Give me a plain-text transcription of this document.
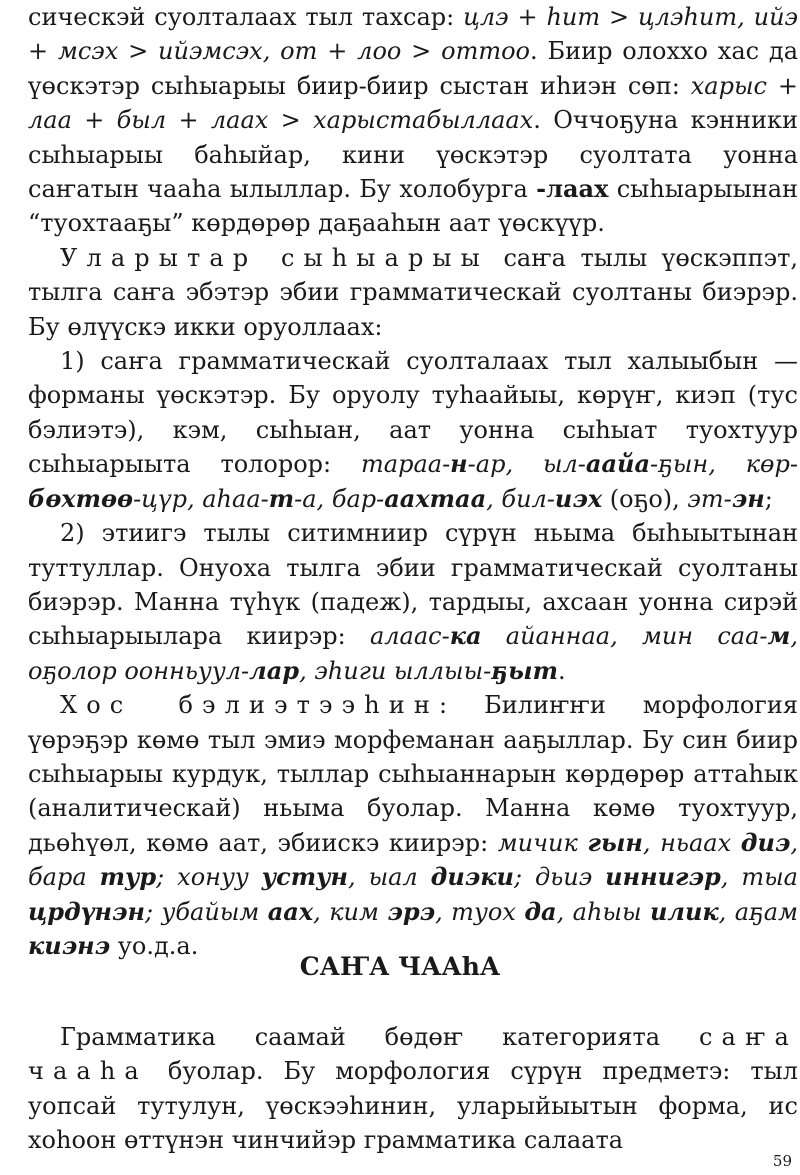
сическэй суолталаах тыл тахсар: цлэ + hит > цлэhит, ийэ + мсэх > ийэмсэх, от + лоо > оттоо. Биир олоххо хас да үөскэтэр сыhыарыы биир-биир сыстан иhиэн сөп: харыс + лаа + был + лаах > харыстабыллаах. Оччоҕуна кэнники сыhыарыы баhыйар, кини үөскэтэр суолтата уонна саҥатын чааhа ылыллар. Бу холобурга -лаах сыhыарыынан “туохтааҕы” көрдөрөр даҕааhын аат үөскүүр.

Уларытар сыhыарыы саҥа тылы үөскэппэт, тылга саҥа эбэтэр эбии грамматическай суолтаны биэрэр. Бу өлүүскэ икки оруоллаах:

1) саҥа грамматическай суолталаах тыл халыыбын — форманы үөскэтэр. Бу оруолу туhаайыы, көрүҥ, киэп (тус бэлиэтэ), кэм, сыhыан, аат уонна сыhыат туохтуур сыhыарыыта толорор: тараа-н-ар, ыл-аайа-ҕын, көр-бөхтөө-цүр, аhаа-т-а, бар-аахтаа, бил-иэх (оҕо), эт-эн;

2) этиигэ тылы ситимниир сүрүн ньыма быhыытынан туттуллар. Онуоха тылга эбии грамматическай суолтаны биэрэр. Манна түhүк (падеж), тардыы, ахсаан уонна сирэй сыhыарыылара киирэр: алаас-ка айаннаа, мин саа-м, оҕолор оонньуул-лар, эhиги ыллыы-ҕыт.

Хос бэлиэтээhин: Билиҥҥи морфология үөрэҕэр көмө тыл эмиэ морфеманан ааҕыллар. Бу син биир сыhыарыы курдук, тыллар сыhыаннарын көрдөрөр аттаhык (аналитическай) ньыма буолар. Манна көмө туохтуур, дьөhүөл, көмө аат, эбиискэ киирэр: мичик гын, ньаах диэ, бара тур; хонуу устун, ыал диэки; дьиэ иннигэр, тыа црдүнэн; убайым аах, ким эрэ, туох да, аhыы илик, аҕам киэнэ уо.д.а.

САҤА ЧААhА

Грамматика саамай бөдөҥ категорията саҥа чааhа буолар. Бу морфология сүрүн предметэ: тыл уопсай тутулун, үөскээhинин, уларыйыытын форма, ис хоhоон өттүнэн чинчийэр грамматика салаата

59
